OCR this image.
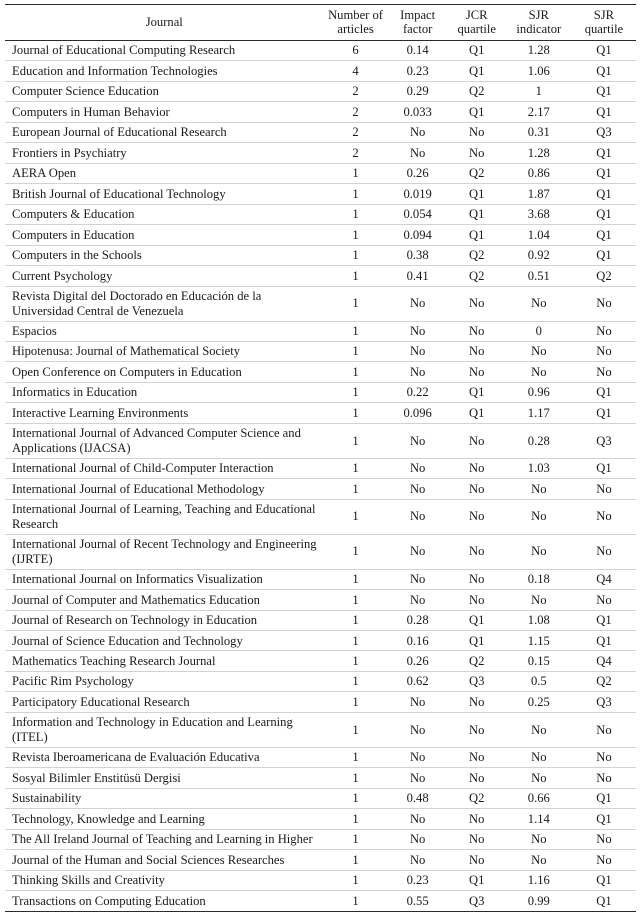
Journal	Number of articles	Impact factor	JCR quartile	SJR indicator	SJR quartile
Journal of Educational Computing Research	6	0.14	Q1	1.28	Q1
Education and Information Technologies	4	0.23	Q1	1.06	Q1
Computer Science Education	2	0.29	Q2	1	Q1
Computers in Human Behavior	2	0.033	Q1	2.17	Q1
European Journal of Educational Research	2	No	No	0.31	Q3
Frontiers in Psychiatry	2	No	No	1.28	Q1
AERA Open	1	0.26	Q2	0.86	Q1
British Journal of Educational Technology	1	0.019	Q1	1.87	Q1
Computers & Education	1	0.054	Q1	3.68	Q1
Computers in Education	1	0.094	Q1	1.04	Q1
Computers in the Schools	1	0.38	Q2	0.92	Q1
Current Psychology	1	0.41	Q2	0.51	Q2
Revista Digital del Doctorado en Educación de la Universidad Central de Venezuela	1	No	No	No	No
Espacios	1	No	No	0	No
Hipotenusa: Journal of Mathematical Society	1	No	No	No	No
Open Conference on Computers in Education	1	No	No	No	No
Informatics in Education	1	0.22	Q1	0.96	Q1
Interactive Learning Environments	1	0.096	Q1	1.17	Q1
International Journal of Advanced Computer Science and Applications (IJACSA)	1	No	No	0.28	Q3
International Journal of Child-Computer Interaction	1	No	No	1.03	Q1
International Journal of Educational Methodology	1	No	No	No	No
International Journal of Learning, Teaching and Educational Research	1	No	No	No	No
International Journal of Recent Technology and Engineering (IJRTE)	1	No	No	No	No
International Journal on Informatics Visualization	1	No	No	0.18	Q4
Journal of Computer and Mathematics Education	1	No	No	No	No
Journal of Research on Technology in Education	1	0.28	Q1	1.08	Q1
Journal of Science Education and Technology	1	0.16	Q1	1.15	Q1
Mathematics Teaching Research Journal	1	0.26	Q2	0.15	Q4
Pacific Rim Psychology	1	0.62	Q3	0.5	Q2
Participatory Educational Research	1	No	No	0.25	Q3
Information and Technology in Education and Learning (ITEL)	1	No	No	No	No
Revista Iberoamericana de Evaluación Educativa	1	No	No	No	No
Sosyal Bilimler Enstitüsü Dergisi	1	No	No	No	No
Sustainability	1	0.48	Q2	0.66	Q1
Technology, Knowledge and Learning	1	No	No	1.14	Q1
The All Ireland Journal of Teaching and Learning in Higher	1	No	No	No	No
Journal of the Human and Social Sciences Researches	1	No	No	No	No
Thinking Skills and Creativity	1	0.23	Q1	1.16	Q1
Transactions on Computing Education	1	0.55	Q3	0.99	Q1
